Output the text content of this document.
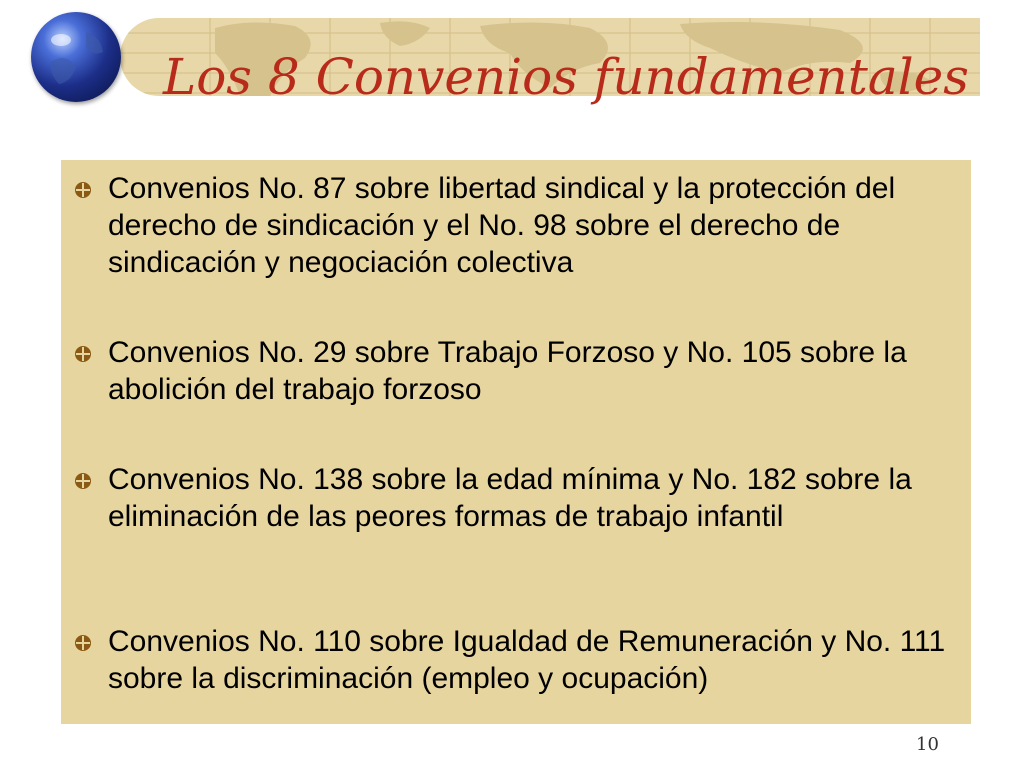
Los 8 Convenios fundamentales
Convenios No. 87 sobre libertad sindical y la protección del derecho de sindicación y el No. 98 sobre el derecho de sindicación y negociación colectiva
Convenios No. 29 sobre Trabajo Forzoso y No. 105 sobre la abolición del trabajo forzoso
Convenios No. 138 sobre la edad mínima y No. 182 sobre la eliminación de las peores formas de trabajo infantil
Convenios No. 110 sobre Igualdad de Remuneración y No. 111 sobre la discriminación (empleo y ocupación)
10
